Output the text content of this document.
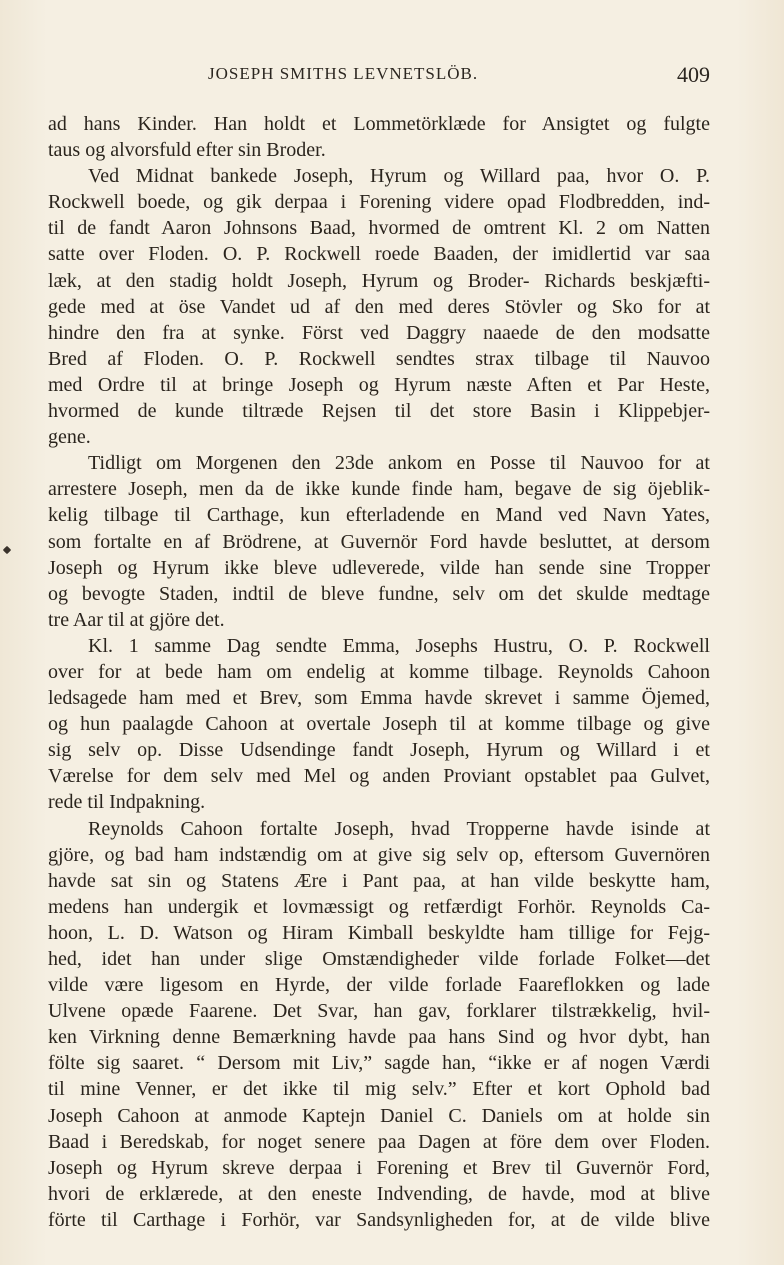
JOSEPH SMITHS LEVNETSLÖB.	409
ad hans Kinder. Han holdt et Lommetörklæde for Ansigtet og fulgte
taus og alvorsfuld efter sin Broder.
Ved Midnat bankede Joseph, Hyrum og Willard paa, hvor O. P.
Rockwell boede, og gik derpaa i Forening videre opad Flodbredden, ind-
til de fandt Aaron Johnsons Baad, hvormed de omtrent Kl. 2 om Natten
satte over Floden. O. P. Rockwell roede Baaden, der imidlertid var saa
læk, at den stadig holdt Joseph, Hyrum og Broder- Richards beskjæfti-
gede med at öse Vandet ud af den med deres Stövler og Sko for at
hindre den fra at synke. Först ved Daggry naaede de den modsatte
Bred af Floden. O. P. Rockwell sendtes strax tilbage til Nauvoo
med Ordre til at bringe Joseph og Hyrum næste Aften et Par Heste,
hvormed de kunde tiltræde Rejsen til det store Basin i Klippebjer-
gene.
Tidligt om Morgenen den 23de ankom en Posse til Nauvoo for at
arrestere Joseph, men da de ikke kunde finde ham, begave de sig öjeblik-
kelig tilbage til Carthage, kun efterladende en Mand ved Navn Yates,
som fortalte en af Brödrene, at Guvernör Ford havde besluttet, at dersom
Joseph og Hyrum ikke bleve udleverede, vilde han sende sine Tropper
og bevogte Staden, indtil de bleve fundne, selv om det skulde medtage
tre Aar til at gjöre det.
Kl. 1 samme Dag sendte Emma, Josephs Hustru, O. P. Rockwell
over for at bede ham om endelig at komme tilbage. Reynolds Cahoon
ledsagede ham med et Brev, som Emma havde skrevet i samme Öjemed,
og hun paalagde Cahoon at overtale Joseph til at komme tilbage og give
sig selv op. Disse Udsendinge fandt Joseph, Hyrum og Willard i et
Værelse for dem selv med Mel og anden Proviant opstablet paa Gulvet,
rede til Indpakning.
Reynolds Cahoon fortalte Joseph, hvad Tropperne havde isinde at
gjöre, og bad ham indstændig om at give sig selv op, eftersom Guvernören
havde sat sin og Statens Ære i Pant paa, at han vilde beskytte ham,
medens han undergik et lovmæssigt og retfærdigt Forhör. Reynolds Ca-
hoon, L. D. Watson og Hiram Kimball beskyldte ham tillige for Fejg-
hed, idet han under slige Omstændigheder vilde forlade Folket—det
vilde være ligesom en Hyrde, der vilde forlade Faareflokken og lade
Ulvene opæde Faarene. Det Svar, han gav, forklarer tilstrækkelig, hvil-
ken Virkning denne Bemærkning havde paa hans Sind og hvor dybt, han
fölte sig saaret. “ Dersom mit Liv,” sagde han, “ikke er af nogen Værdi
til mine Venner, er det ikke til mig selv.” Efter et kort Ophold bad
Joseph Cahoon at anmode Kaptejn Daniel C. Daniels om at holde sin
Baad i Beredskab, for noget senere paa Dagen at före dem over Floden.
Joseph og Hyrum skreve derpaa i Forening et Brev til Guvernör Ford,
hvori de erklærede, at den eneste Indvending, de havde, mod at blive
förte til Carthage i Forhör, var Sandsynligheden for, at de vilde blive
